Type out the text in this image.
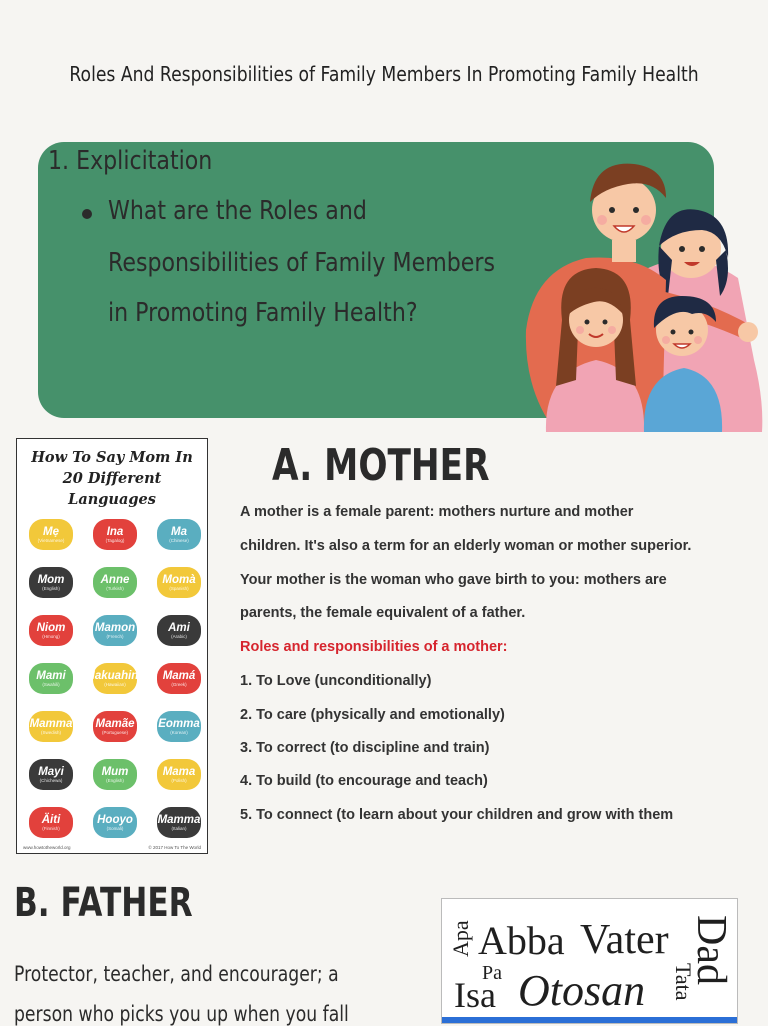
Roles And Responsibilities of Family Members In Promoting Family Health
1. Explicitation
What are the Roles and
Responsibilities of Family Members
in Promoting Family Health?
How To Say Mom In
20 Different
Languages
Mẹ
(Vietnamese)
Ina
(Tagalog)
Ma
(Chinese)
Mom
(English)
Anne
(Turkish)
Momà
(Spanish)
Niom
(Hmong)
Mamon
(French)
Ami
(Arabic)
Mami
(Swahili)
Makuahine
(Hawaiian)
Mamá
(Greek)
Mamma
(Swedish)
Mamãe
(Portuguese)
Eomma
(Korean)
Mayi
(Chichewa)
Mum
(English)
Mama
(Polish)
Äiti
(Finnish)
Hooyo
(Somali)
Mamma
(Italian)
www.howtotheworld.org	© 2017 How To The World
A. MOTHER
A mother is a female parent: mothers nurture and mother
children. It's also a term for an elderly woman or mother superior.
Your mother is the woman who gave birth to you: mothers are
parents, the female equivalent of a father.
Roles and responsibilities of a mother:
1. To Love (unconditionally)
2. To care (physically and emotionally)
3. To correct (to discipline and train)
4. To build (to encourage and teach)
5. To connect (to learn about your children and grow with them
B. FATHER
Protector, teacher, and encourager; a
person who picks you up when you fall
Apa Abba Vater Dad
Pa
Isa Otosan Tata
